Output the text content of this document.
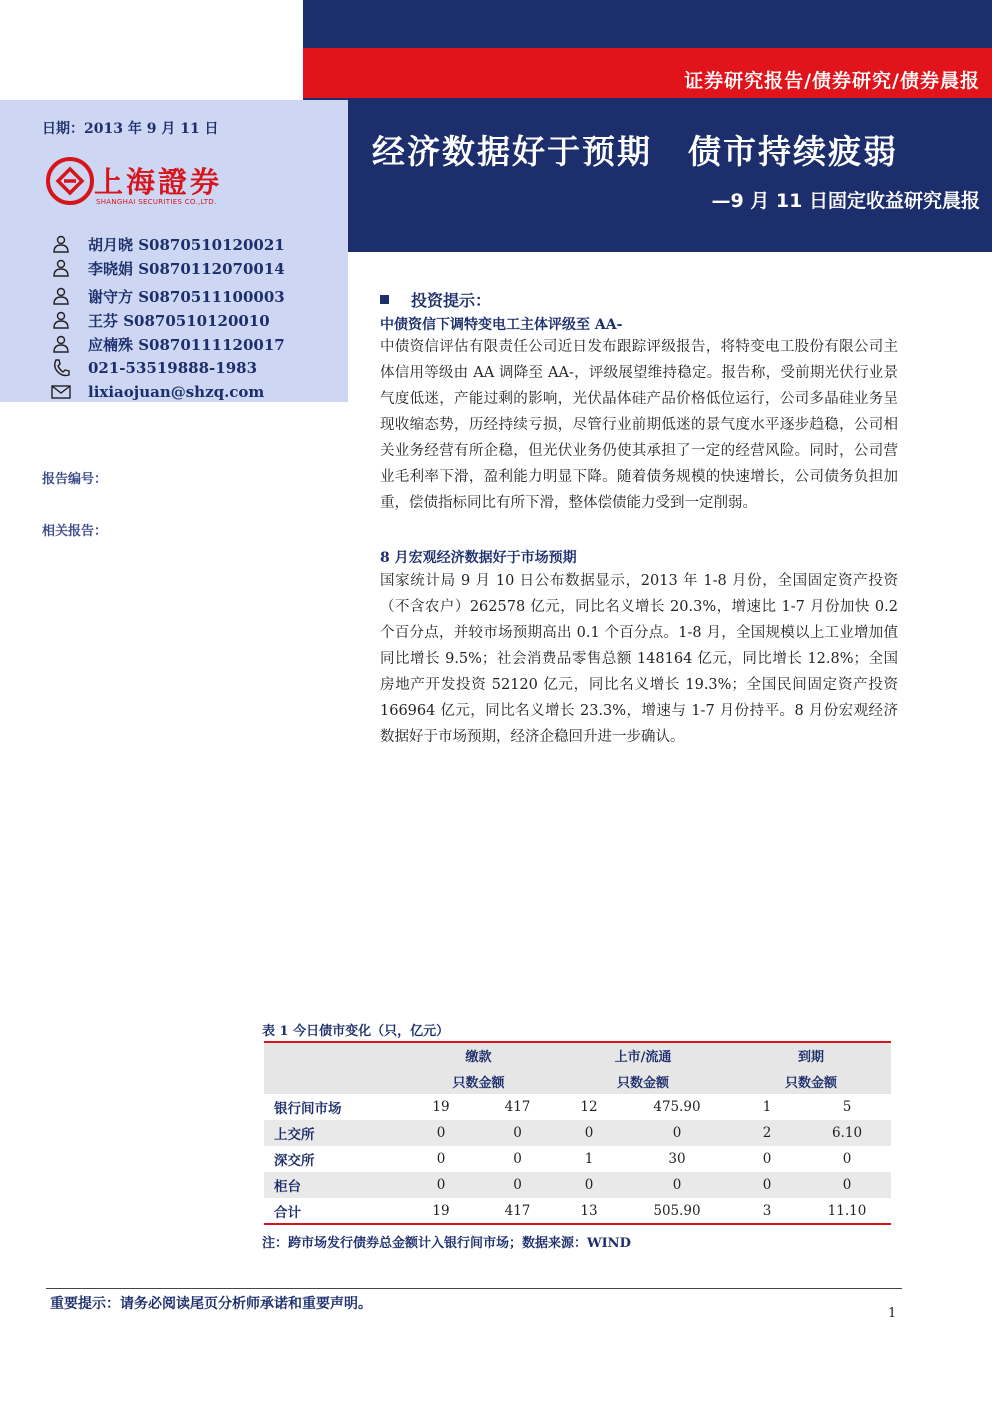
证券研究报告/债券研究/债券晨报
经济数据好于预期 债市持续疲弱
—9 月 11 日固定收益研究晨报
日期：2013 年 9 月 11 日
上海證券
SHANGHAI SECURITIES CO.,LTD.
胡月晓 S0870510120021
李晓娟 S0870112070014
谢守方 S0870511100003
王芬 S0870510120010
应楠殊 S0870111120017
021-53519888-1983
lixiaojuan@shzq.com
报告编号：
相关报告：
投资提示：
中债资信下调特变电工主体评级至 AA-
中债资信评估有限责任公司近日发布跟踪评级报告，将特变电工股份有限公司主体信用等级由 AA 调降至 AA-，评级展望维持稳定。报告称，受前期光伏行业景气度低迷，产能过剩的影响，光伏晶体硅产品价格低位运行，公司多晶硅业务呈现收缩态势，历经持续亏损，尽管行业前期低迷的景气度水平逐步趋稳，公司相关业务经营有所企稳，但光伏业务仍使其承担了一定的经营风险。同时，公司营业毛利率下滑，盈利能力明显下降。随着债务规模的快速增长，公司债务负担加重，偿债指标同比有所下滑，整体偿债能力受到一定削弱。
8 月宏观经济数据好于市场预期
国家统计局 9 月 10 日公布数据显示，2013 年 1-8 月份，全国固定资产投资（不含农户）262578 亿元，同比名义增长 20.3%，增速比 1-7 月份加快 0.2 个百分点，并较市场预期高出 0.1 个百分点。1-8 月，全国规模以上工业增加值同比增长 9.5%；社会消费品零售总额 148164 亿元，同比增长 12.8%；全国房地产开发投资 52120 亿元，同比名义增长 19.3%；全国民间固定资产投资 166964 亿元，同比名义增长 23.3%，增速与 1-7 月份持平。8 月份宏观经济数据好于市场预期，经济企稳回升进一步确认。
表 1 今日债市变化（只，亿元）
	缴款		上市/流通		到期	
	只数金额		只数金额		只数金额	
银行间市场	19	417	12	475.90	1	5
上交所	0	0	0	0	2	6.10
深交所	0	0	1	30	0	0
柜台	0	0	0	0	0	0
合计	19	417	13	505.90	3	11.10
注：跨市场发行债券总金额计入银行间市场；数据来源：WIND
重要提示：请务必阅读尾页分析师承诺和重要声明。
1
